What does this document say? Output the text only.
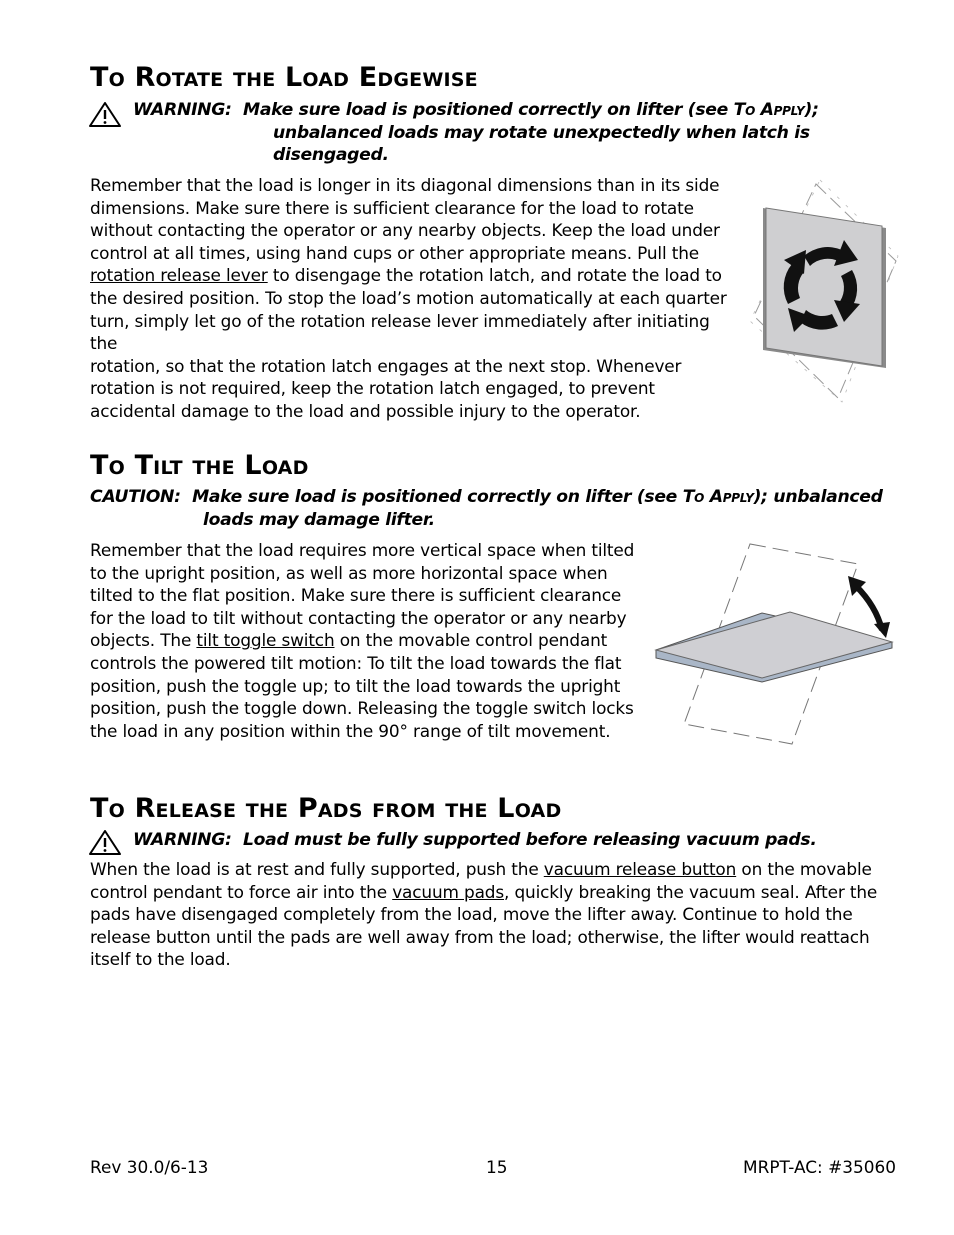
To Rotate the Load Edgewise
WARNING: Make sure load is positioned correctly on lifter (see To Apply);
unbalanced loads may rotate unexpectedly when latch is
disengaged.

Remember that the load is longer in its diagonal dimensions than in its side

dimensions. Make sure there is sufficient clearance for the load to rotate

without contacting the operator or any nearby objects. Keep the load under

control at all times, using hand cups or other appropriate means. Pull the

rotation release lever to disengage the rotation latch, and rotate the load to

the desired position. To stop the load’s motion automatically at each quarter

turn, simply let go of the rotation release lever immediately after initiating the

rotation, so that the rotation latch engages at the next stop. Whenever

rotation is not required, keep the rotation latch engaged, to prevent

accidental damage to the load and possible injury to the operator.

To Tilt the Load
CAUTION: Make sure load is positioned correctly on lifter (see To Apply); unbalanced
loads may damage lifter.

Remember that the load requires more vertical space when tilted

to the upright position, as well as more horizontal space when

tilted to the flat position. Make sure there is sufficient clearance

for the load to tilt without contacting the operator or any nearby

objects. The tilt toggle switch on the movable control pendant

controls the powered tilt motion: To tilt the load towards the flat

position, push the toggle up; to tilt the load towards the upright

position, push the toggle down. Releasing the toggle switch locks

the load in any position within the 90° range of tilt movement.

To Release the Pads from the Load
WARNING: Load must be fully supported before releasing vacuum pads.

When the load is at rest and fully supported, push the vacuum release button on the movable

control pendant to force air into the vacuum pads, quickly breaking the vacuum seal. After the

pads have disengaged completely from the load, move the lifter away. Continue to hold the

release button until the pads are well away from the load; otherwise, the lifter would reattach

itself to the load.

Rev 30.0/6-13	15	MRPT-AC: #35060
